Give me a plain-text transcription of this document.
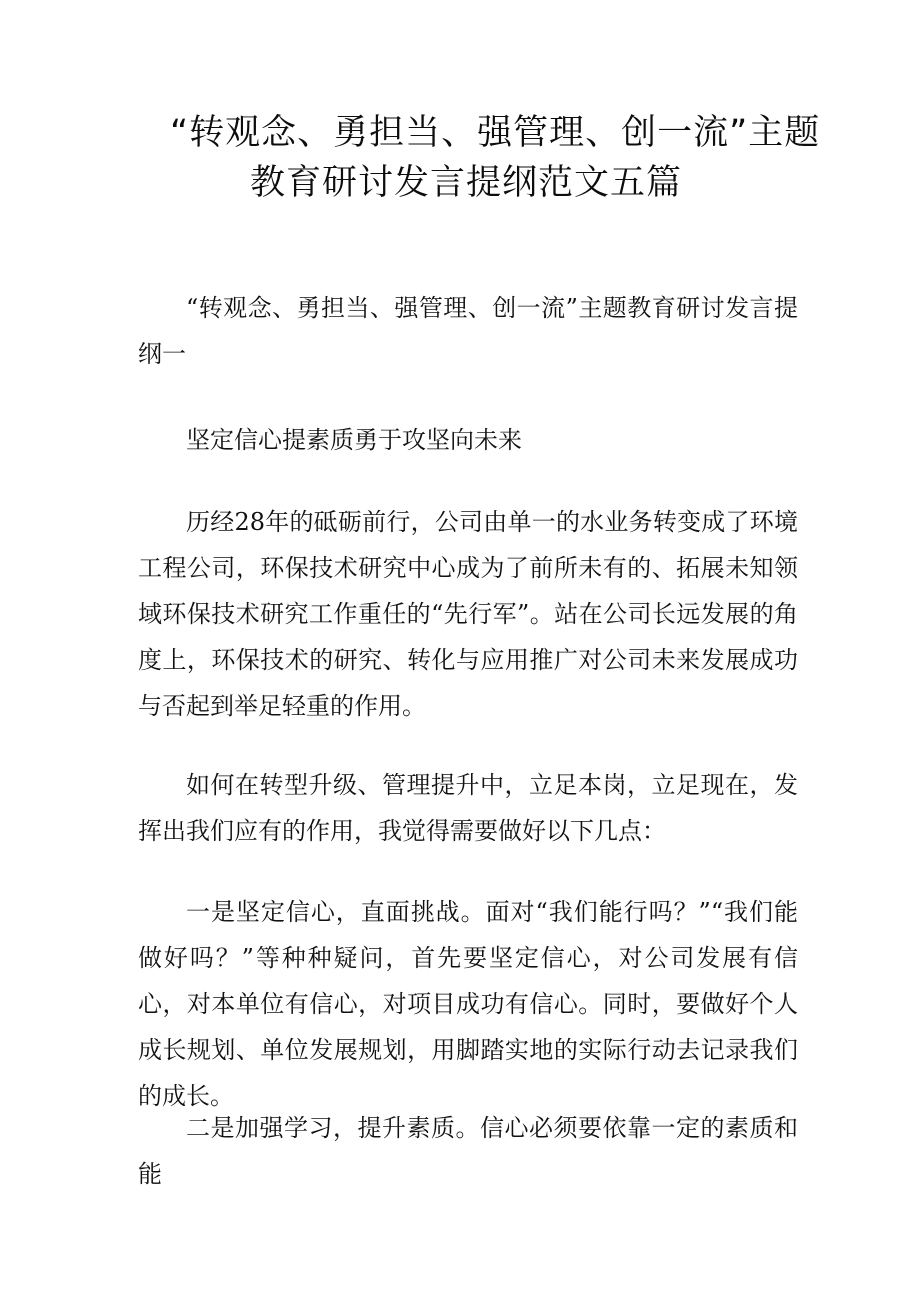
“转观念、勇担当、强管理、创一流”主题
教育研讨发言提纲范文五篇

“转观念、勇担当、强管理、创一流”主题教育研讨发言提纲一

坚定信心提素质勇于攻坚向未来

历经28年的砥砺前行，公司由单一的水业务转变成了环境工程公司，环保技术研究中心成为了前所未有的、拓展未知领域环保技术研究工作重任的“先行军”。站在公司长远发展的角度上，环保技术的研究、转化与应用推广对公司未来发展成功与否起到举足轻重的作用。

如何在转型升级、管理提升中，立足本岗，立足现在，发挥出我们应有的作用，我觉得需要做好以下几点：

一是坚定信心，直面挑战。面对“我们能行吗？”“我们能做好吗？”等种种疑问，首先要坚定信心，对公司发展有信心，对本单位有信心，对项目成功有信心。同时，要做好个人成长规划、单位发展规划，用脚踏实地的实际行动去记录我们的成长。

二是加强学习，提升素质。信心必须要依靠一定的素质和能
